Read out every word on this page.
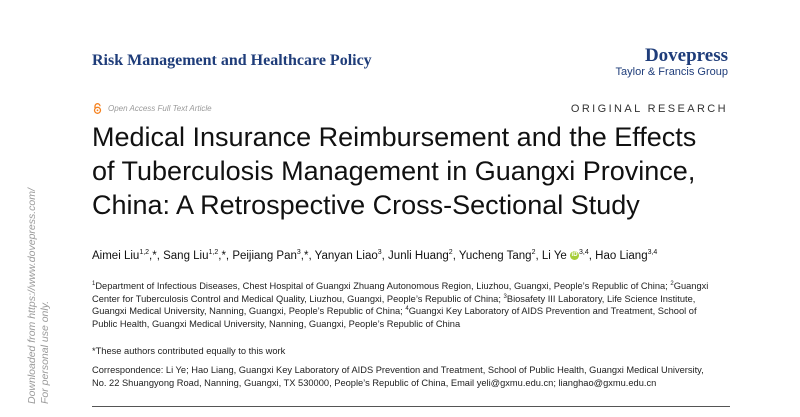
Downloaded from https://www.dovepress.com/ For personal use only.
Risk Management and Healthcare Policy	Dovepress
Taylor & Francis Group
Open Access Full Text Article	ORIGINAL RESEARCH
Medical Insurance Reimbursement and the Effects
of Tuberculosis Management in Guangxi Province,
China: A Retrospective Cross-Sectional Study
Aimei Liu$^{1,2}$,*, Sang Liu$^{1,2}$,*, Peijiang Pan$^3$,*, Yanyan Liao$^3$, Junli Huang$^2$, Yucheng Tang$^2$, Li Ye iD $^{3,4}$, Hao Liang$^{3,4}$
$^1$Department of Infectious Diseases, Chest Hospital of Guangxi Zhuang Autonomous Region, Liuzhou, Guangxi, People’s Republic of China; $^2$Guangxi
Center for Tuberculosis Control and Medical Quality, Liuzhou, Guangxi, People’s Republic of China; $^3$Biosafety III Laboratory, Life Science Institute,
Guangxi Medical University, Nanning, Guangxi, People’s Republic of China; $^4$Guangxi Key Laboratory of AIDS Prevention and Treatment, School of
Public Health, Guangxi Medical University, Nanning, Guangxi, People’s Republic of China
*These authors contributed equally to this work
Correspondence: Li Ye; Hao Liang, Guangxi Key Laboratory of AIDS Prevention and Treatment, School of Public Health, Guangxi Medical University,
No. 22 Shuangyong Road, Nanning, Guangxi, TX 530000, People’s Republic of China, Email yeli@gxmu.edu.cn; lianghao@gxmu.edu.cn
